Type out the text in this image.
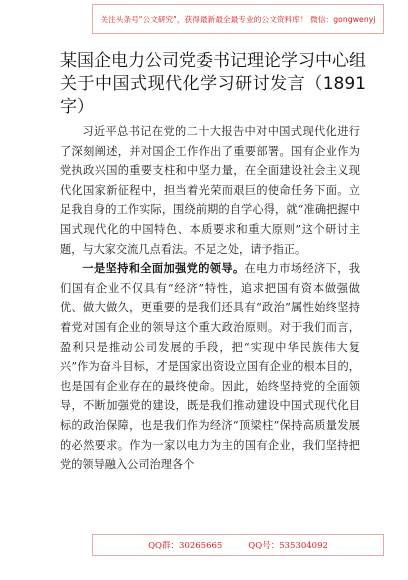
关注头条号"公文研究"，获得最新最全最专业的公文资料库！ 微信：gongwenyj
某国企电力公司党委书记理论学习中心组关于中国式现代化学习研讨发言（1891字）

习近平总书记在党的二十大报告中对中国式现代化进行了深刻阐述，并对国企工作作出了重要部署。国有企业作为党执政兴国的重要支柱和中坚力量，在全面建设社会主义现代化国家新征程中，担当着光荣而艰巨的使命任务下面。立足我自身的工作实际，围绕前期的自学心得，就“准确把握中国式现代化的中国特色、本质要求和重大原则”这个研讨主题，与大家交流几点看法。不足之处，请予指正。

一是坚持和全面加强党的领导。在电力市场经济下，我们国有企业不仅具有“经济”特性，追求把国有资本做强做优、做大做久，更重要的是我们还具有“政治”属性始终坚持着党对国有企业的领导这个重大政治原则。对于我们而言，盈利只是推动公司发展的手段，把“实现中华民族伟大复兴”作为奋斗目标，才是国家出资设立国有企业的根本目的，也是国有企业存在的最终使命。因此，始终坚持党的全面领导，不断加强党的建设，既是我们推动建设中国式现代化目标的政治保障，也是我们作为经济“顶梁柱”保持高质量发展的必然要求。作为一家以电力为主的国有企业，我们坚持把党的领导融入公司治理各个

QQ群：30265665	QQ号：535304092
